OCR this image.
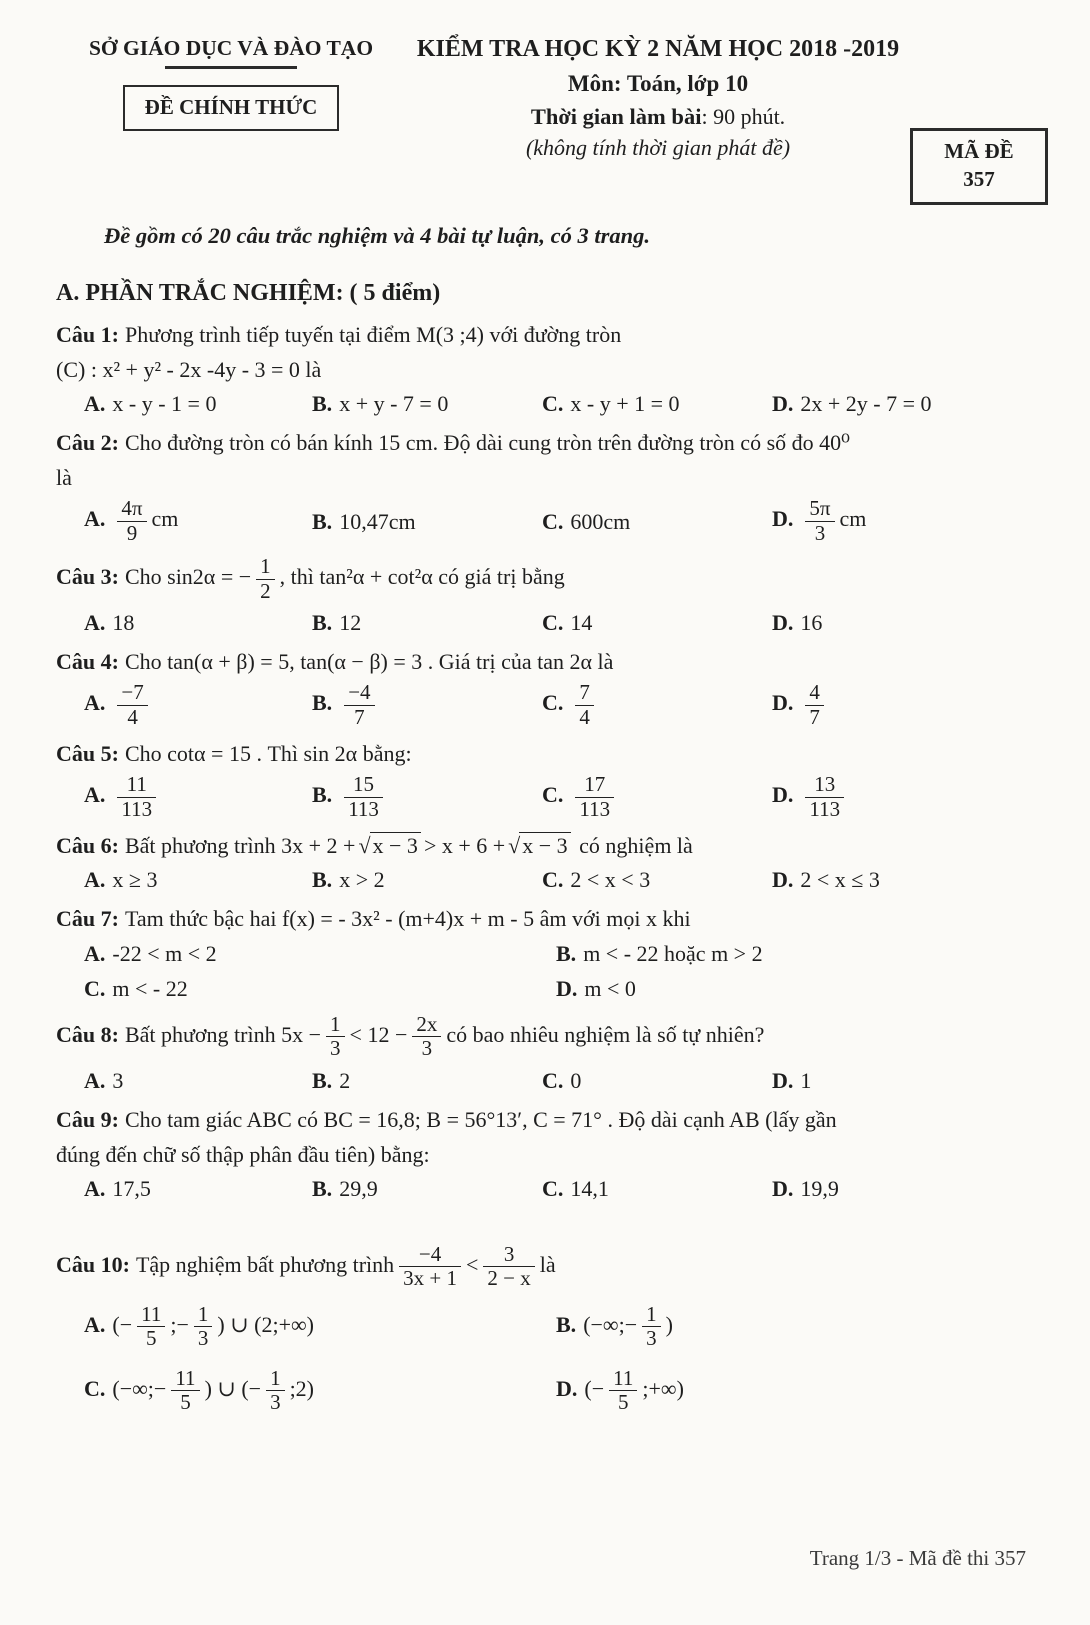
SỞ GIÁO DỤC VÀ ĐÀO TẠO
ĐỀ CHÍNH THỨC
KIỂM TRA HỌC KỲ 2 NĂM HỌC 2018 -2019
Môn: Toán, lớp 10
Thời gian làm bài: 90 phút.
(không tính thời gian phát đề)	MÃ ĐỀ
357
Đề gồm có 20 câu trắc nghiệm và 4 bài tự luận, có 3 trang.
A. PHẦN TRẮC NGHIỆM: ( 5 điểm)
Câu 1: Phương trình tiếp tuyến tại điểm M(3 ;4) với đường tròn
(C) : x² + y² - 2x -4y - 3 = 0 là
A. x - y - 1 = 0	B. x + y - 7 = 0	C. x - y + 1 = 0	D. 2x + 2y - 7 = 0
Câu 2: Cho đường tròn có bán kính 15 cm. Độ dài cung tròn trên đường tròn có số đo 40⁰
là
A. $\frac{4\pi}{9}$ cm	B. 10,47cm	C. 600cm	D. $\frac{5\pi}{3}$ cm
Câu 3: Cho sin2α = − $\frac{1}{2}$ , thì tan²α + cot²α có giá trị bằng
A. 18	B. 12	C. 14	D. 16
Câu 4: Cho tan(α + β) = 5, tan(α − β) = 3 . Giá trị của tan 2α là
A. $\frac{-7}{4}$	B. $\frac{-4}{7}$	C. $\frac{7}{4}$	D. $\frac{4}{7}$
Câu 5: Cho cotα = 15 . Thì sin 2α bằng:
A. $\frac{11}{113}$	B. $\frac{15}{113}$	C. $\frac{17}{113}$	D. $\frac{13}{113}$
Câu 6: Bất phương trình 3x + 2 + √ x − 3 > x + 6 + √ x − 3 có nghiệm là
A. x ≥ 3	B. x > 2	C. 2 < x < 3	D. 2 < x ≤ 3
Câu 7: Tam thức bậc hai f(x) = - 3x² - (m+4)x + m - 5 âm với mọi x khi
A. -22 < m < 2	B. m < - 22 hoặc m > 2
C. m < - 22	D. m < 0
Câu 8: Bất phương trình $5x - \frac{1}{3} < 12 - \frac{2x}{3}$ có bao nhiêu nghiệm là số tự nhiên?
A. 3	B. 2	C. 0	D. 1
Câu 9: Cho tam giác ABC có BC = 16,8; B = 56°13′, C = 71° . Độ dài cạnh AB (lấy gần
đúng đến chữ số thập phân đầu tiên) bằng:
A. 17,5	B. 29,9	C. 14,1	D. 19,9
Câu 10: Tập nghiệm bất phương trình $\frac{-4}{3x + 1} < \frac{3}{2 - x}$ là
A. (− $\frac{11}{5}$ ;− $\frac{1}{3}$ ) ∪ (2;+∞)	B. (−∞;− $\frac{1}{3}$ )
C. (−∞;− $\frac{11}{5}$ ) ∪ (− $\frac{1}{3}$ ;2)	D. (− $\frac{11}{5}$ ;+∞)
Trang 1/3 - Mã đề thi 357
